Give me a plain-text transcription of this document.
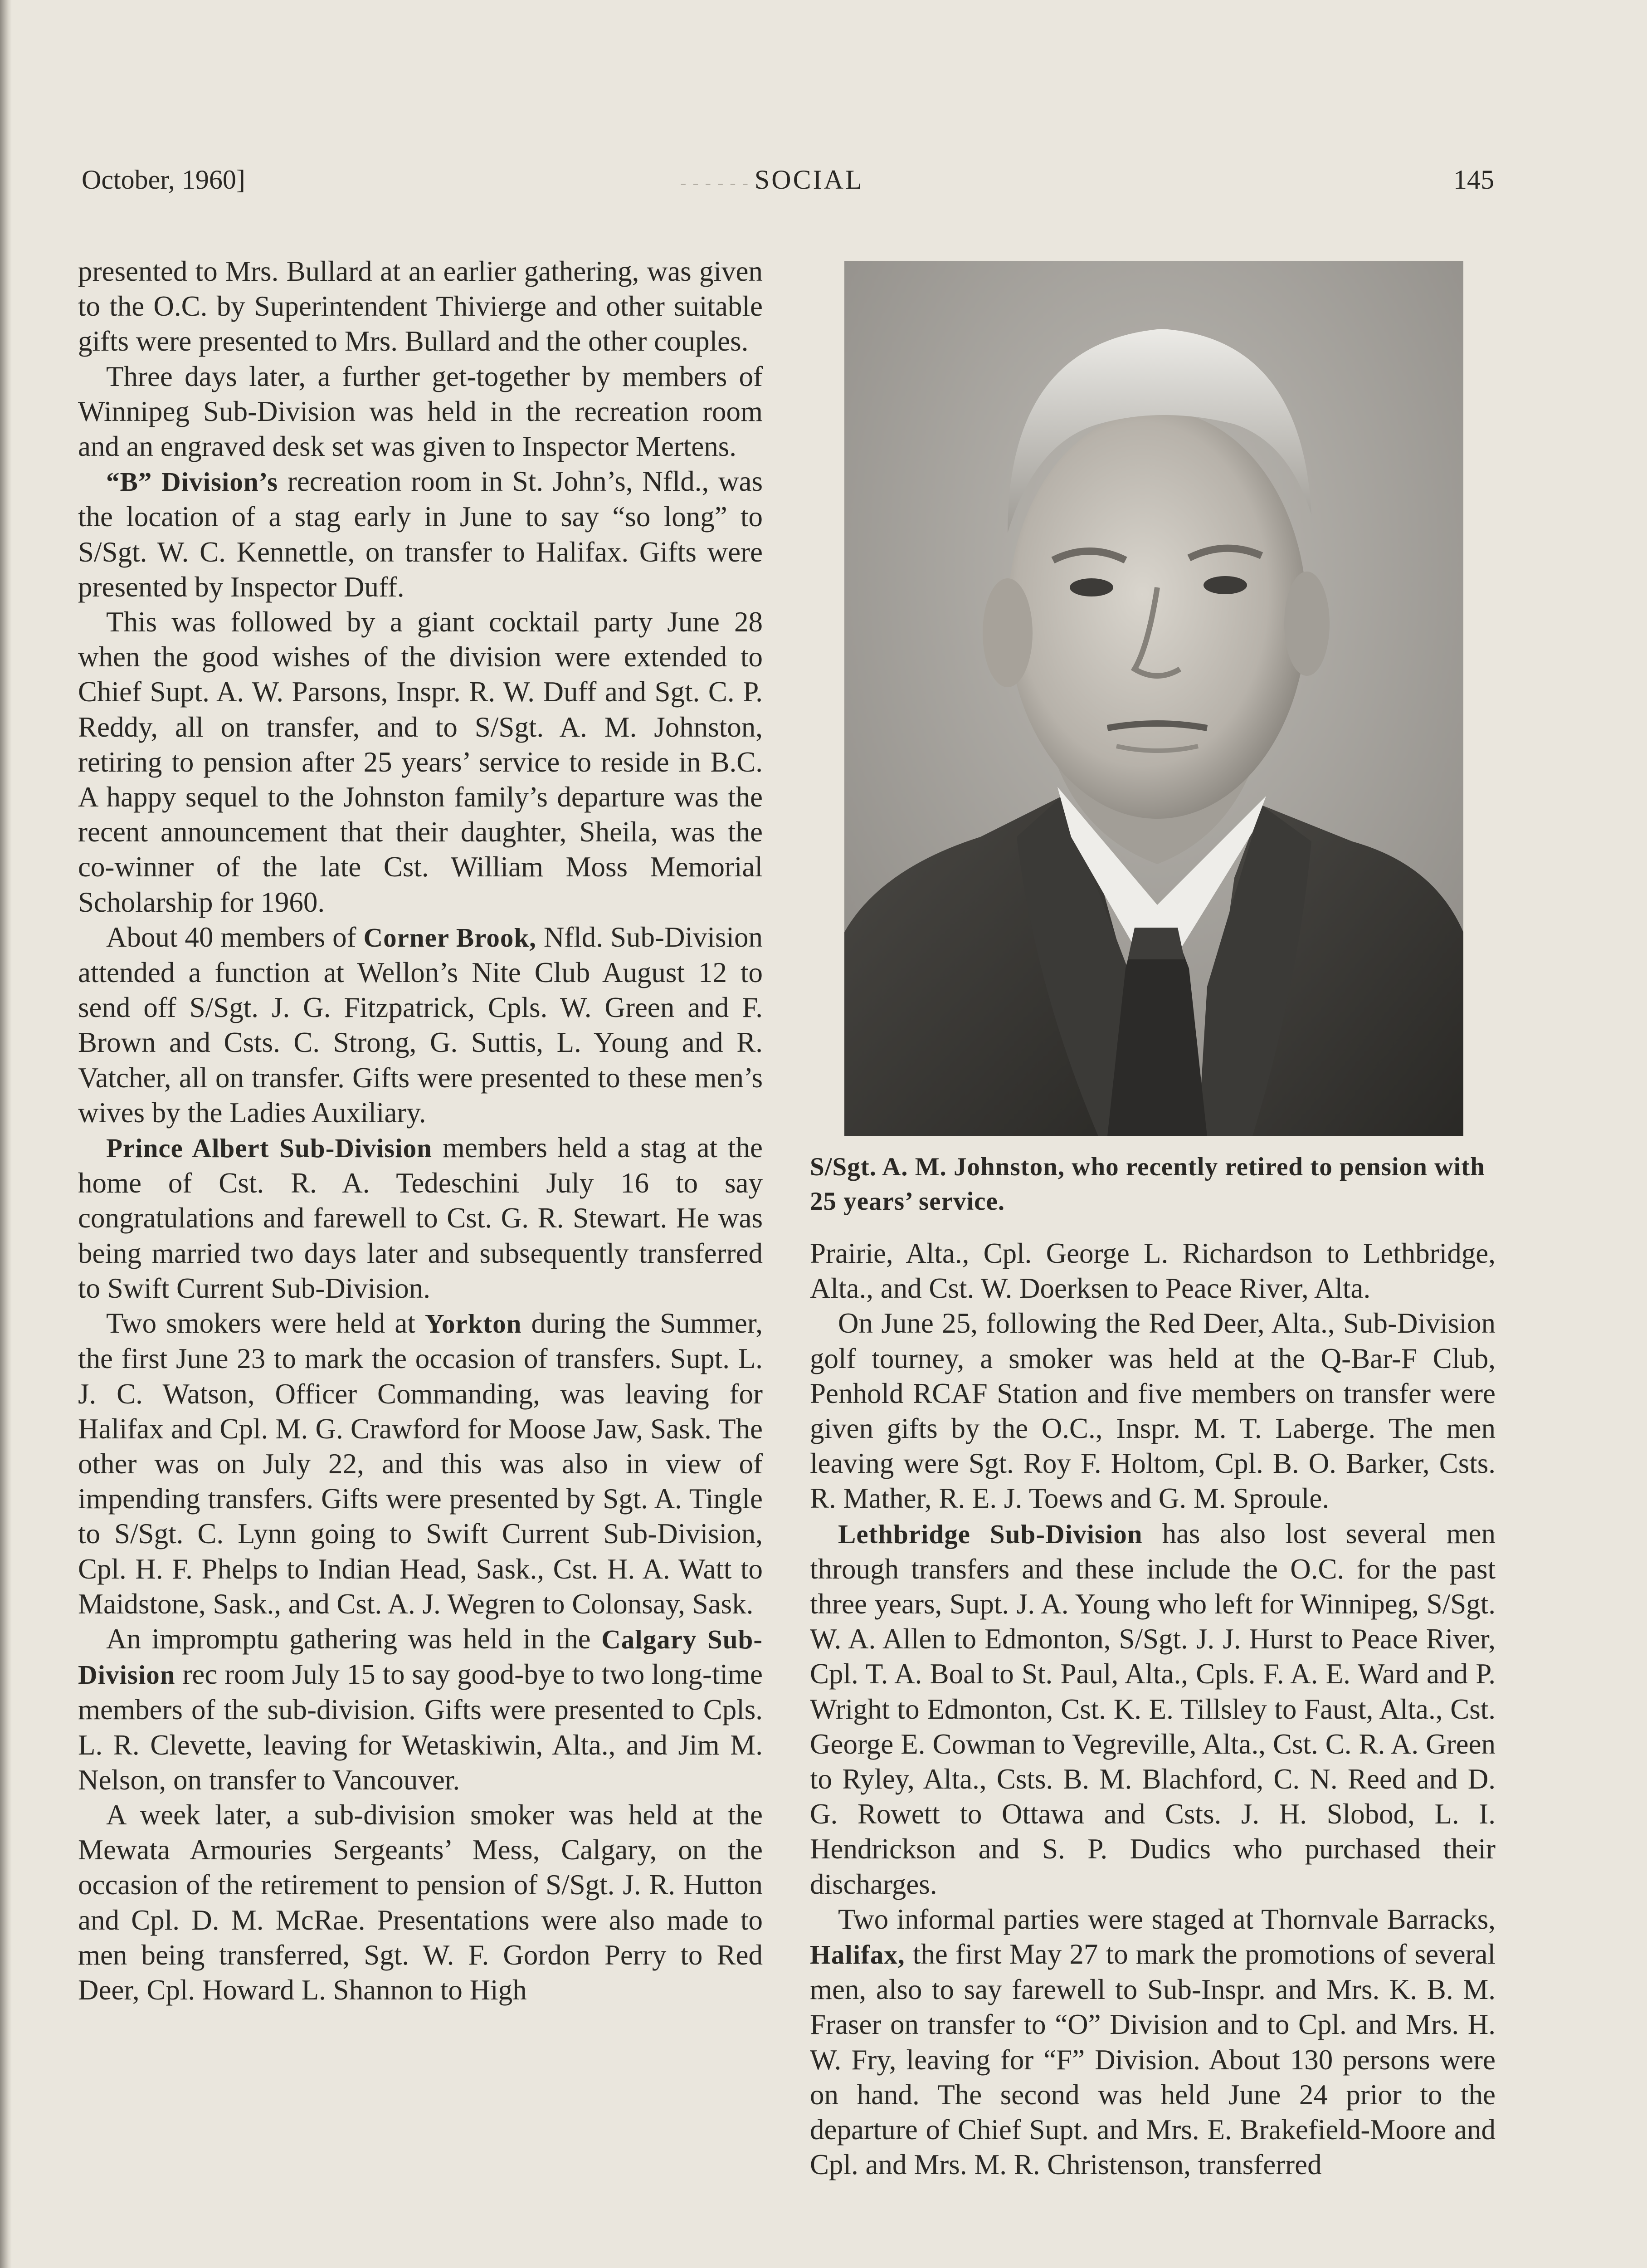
October, 1960]
- - -	SOCIAL	145

presented to Mrs. Bullard at an earlier gathering, was given to the O.C. by Superintendent Thivierge and other suitable gifts were presented to Mrs. Bullard and the other couples.

Three days later, a further get-together by members of Winnipeg Sub-Division was held in the recreation room and an engraved desk set was given to Inspector Mertens.

“B” Division’s recreation room in St. John’s, Nfld., was the location of a stag early in June to say “so long” to S/Sgt. W. C. Kennettle, on transfer to Halifax. Gifts were presented by Inspector Duff.

This was followed by a giant cocktail party June 28 when the good wishes of the division were extended to Chief Supt. A. W. Parsons, Inspr. R. W. Duff and Sgt. C. P. Reddy, all on transfer, and to S/Sgt. A. M. Johnston, retiring to pension after 25 years’ service to reside in B.C. A happy sequel to the Johnston family’s departure was the recent announcement that their daughter, Sheila, was the co-winner of the late Cst. William Moss Memorial Scholarship for 1960.

About 40 members of Corner Brook, Nfld. Sub-Division attended a function at Wellon’s Nite Club August 12 to send off S/Sgt. J. G. Fitzpatrick, Cpls. W. Green and F. Brown and Csts. C. Strong, G. Suttis, L. Young and R. Vatcher, all on transfer. Gifts were presented to these men’s wives by the Ladies Auxiliary.

Prince Albert Sub-Division members held a stag at the home of Cst. R. A. Tedeschini July 16 to say congratulations and farewell to Cst. G. R. Stewart. He was being married two days later and subsequently transferred to Swift Current Sub-Division.

Two smokers were held at Yorkton during the Summer, the first June 23 to mark the occasion of transfers. Supt. L. J. C. Watson, Officer Commanding, was leaving for Halifax and Cpl. M. G. Crawford for Moose Jaw, Sask. The other was on July 22, and this was also in view of impending transfers. Gifts were presented by Sgt. A. Tingle to S/Sgt. C. Lynn going to Swift Current Sub-Division, Cpl. H. F. Phelps to Indian Head, Sask., Cst. H. A. Watt to Maidstone, Sask., and Cst. A. J. Wegren to Colonsay, Sask.

An impromptu gathering was held in the Calgary Sub-Division rec room July 15 to say good-bye to two long-time members of the sub-division. Gifts were presented to Cpls. L. R. Clevette, leaving for Wetaskiwin, Alta., and Jim M. Nelson, on transfer to Vancouver.

A week later, a sub-division smoker was held at the Mewata Armouries Sergeants’ Mess, Calgary, on the occasion of the retirement to pension of S/Sgt. J. R. Hutton and Cpl. D. M. McRae. Presentations were also made to men being transferred, Sgt. W. F. Gordon Perry to Red Deer, Cpl. Howard L. Shannon to High

S/Sgt. A. M. Johnston, who recently retired to pension with 25 years’ service.

Prairie, Alta., Cpl. George L. Richardson to Lethbridge, Alta., and Cst. W. Doerksen to Peace River, Alta.

On June 25, following the Red Deer, Alta., Sub-Division golf tourney, a smoker was held at the Q-Bar-F Club, Penhold RCAF Station and five members on transfer were given gifts by the O.C., Inspr. M. T. Laberge. The men leaving were Sgt. Roy F. Holtom, Cpl. B. O. Barker, Csts. R. Mather, R. E. J. Toews and G. M. Sproule.

Lethbridge Sub-Division has also lost several men through transfers and these include the O.C. for the past three years, Supt. J. A. Young who left for Winnipeg, S/Sgt. W. A. Allen to Edmonton, S/Sgt. J. J. Hurst to Peace River, Cpl. T. A. Boal to St. Paul, Alta., Cpls. F. A. E. Ward and P. Wright to Edmonton, Cst. K. E. Tillsley to Faust, Alta., Cst. George E. Cowman to Vegreville, Alta., Cst. C. R. A. Green to Ryley, Alta., Csts. B. M. Blachford, C. N. Reed and D. G. Rowett to Ottawa and Csts. J. H. Slobod, L. I. Hendrickson and S. P. Dudics who purchased their discharges.

Two informal parties were staged at Thornvale Barracks, Halifax, the first May 27 to mark the promotions of several men, also to say farewell to Sub-Inspr. and Mrs. K. B. M. Fraser on transfer to “O” Division and to Cpl. and Mrs. H. W. Fry, leaving for “F” Division. About 130 persons were on hand. The second was held June 24 prior to the departure of Chief Supt. and Mrs. E. Brakefield-Moore and Cpl. and Mrs. M. R. Christenson, transferred
